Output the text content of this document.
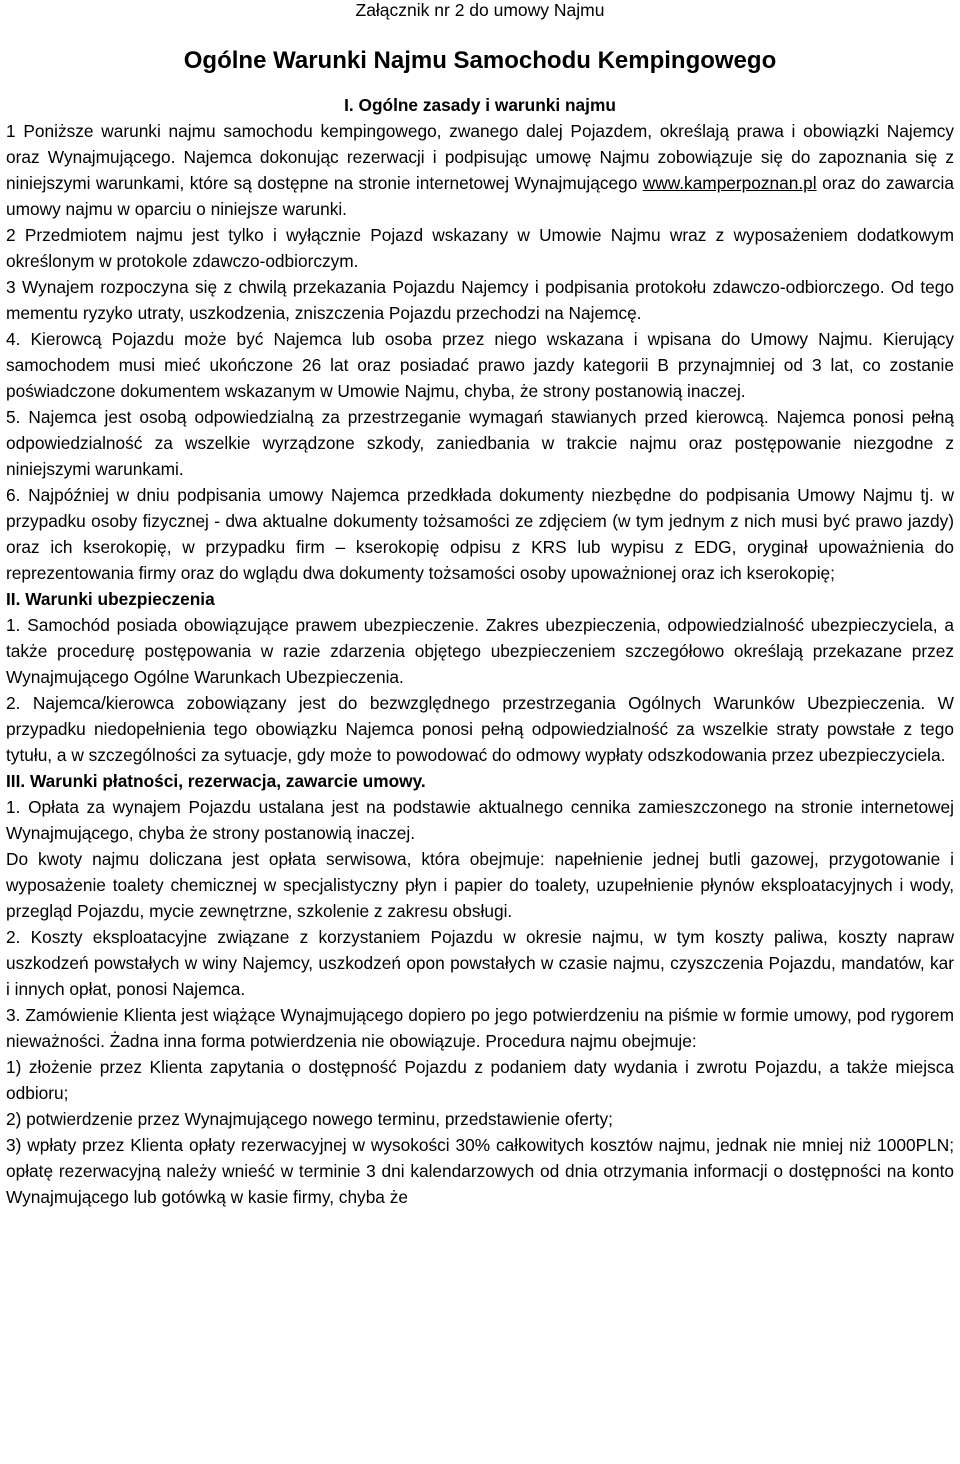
Załącznik nr 2 do umowy Najmu

Ogólne Warunki Najmu Samochodu Kempingowego

I. Ogólne zasady i warunki najmu

1 Poniższe warunki najmu samochodu kempingowego, zwanego dalej Pojazdem, określają prawa i obowiązki Najemcy oraz Wynajmującego. Najemca dokonując rezerwacji i podpisując umowę Najmu zobowiązuje się do zapoznania się z niniejszymi warunkami, które są dostępne na stronie internetowej Wynajmującego www.kamperpoznan.pl oraz do zawarcia umowy najmu w oparciu o niniejsze warunki.

2 Przedmiotem najmu jest tylko i wyłącznie Pojazd wskazany w Umowie Najmu wraz z wyposażeniem dodatkowym określonym w protokole zdawczo-odbiorczym.

3 Wynajem rozpoczyna się z chwilą przekazania Pojazdu Najemcy i podpisania protokołu zdawczo-odbiorczego. Od tego mementu ryzyko utraty, uszkodzenia, zniszczenia Pojazdu przechodzi na Najemcę.

4. Kierowcą Pojazdu może być Najemca lub osoba przez niego wskazana i wpisana do Umowy Najmu. Kierujący samochodem musi mieć ukończone 26 lat oraz posiadać prawo jazdy kategorii B przynajmniej od 3 lat, co zostanie poświadczone dokumentem wskazanym w Umowie Najmu, chyba, że strony postanowią inaczej.

5. Najemca jest osobą odpowiedzialną za przestrzeganie wymagań stawianych przed kierowcą. Najemca ponosi pełną odpowiedzialność za wszelkie wyrządzone szkody, zaniedbania w trakcie najmu oraz postępowanie niezgodne z niniejszymi warunkami.

6. Najpóźniej w dniu podpisania umowy Najemca przedkłada dokumenty niezbędne do podpisania Umowy Najmu tj. w przypadku osoby fizycznej - dwa aktualne dokumenty tożsamości ze zdjęciem (w tym jednym z nich musi być prawo jazdy) oraz ich kserokopię, w przypadku firm – kserokopię odpisu z KRS lub wypisu z EDG, oryginał upoważnienia do reprezentowania firmy oraz do wglądu dwa dokumenty tożsamości osoby upoważnionej oraz ich kserokopię;

II. Warunki ubezpieczenia

1. Samochód posiada obowiązujące prawem ubezpieczenie. Zakres ubezpieczenia, odpowiedzialność ubezpieczyciela, a także procedurę postępowania w razie zdarzenia objętego ubezpieczeniem szczegółowo określają przekazane przez Wynajmującego Ogólne Warunkach Ubezpieczenia.

2. Najemca/kierowca zobowiązany jest do bezwzględnego przestrzegania Ogólnych Warunków Ubezpieczenia. W przypadku niedopełnienia tego obowiązku Najemca ponosi pełną odpowiedzialność za wszelkie straty powstałe z tego tytułu, a w szczególności za sytuacje, gdy może to powodować do odmowy wypłaty odszkodowania przez ubezpieczyciela.

III. Warunki płatności, rezerwacja, zawarcie umowy.

1. Opłata za wynajem Pojazdu ustalana jest na podstawie aktualnego cennika zamieszczonego na stronie internetowej Wynajmującego, chyba że strony postanowią inaczej.

Do kwoty najmu doliczana jest opłata serwisowa, która obejmuje: napełnienie jednej butli gazowej, przygotowanie i wyposażenie toalety chemicznej w specjalistyczny płyn i papier do toalety, uzupełnienie płynów eksploatacyjnych i wody, przegląd Pojazdu, mycie zewnętrzne, szkolenie z zakresu obsługi.

2. Koszty eksploatacyjne związane z korzystaniem Pojazdu w okresie najmu, w tym koszty paliwa, koszty napraw uszkodzeń powstałych w winy Najemcy, uszkodzeń opon powstałych w czasie najmu, czyszczenia Pojazdu, mandatów, kar i innych opłat, ponosi Najemca.

3. Zamówienie Klienta jest wiążące Wynajmującego dopiero po jego potwierdzeniu na piśmie w formie umowy, pod rygorem nieważności. Żadna inna forma potwierdzenia nie obowiązuje. Procedura najmu obejmuje:

1) złożenie przez Klienta zapytania o dostępność Pojazdu z podaniem daty wydania i zwrotu Pojazdu, a także miejsca odbioru;

2) potwierdzenie przez Wynajmującego nowego terminu, przedstawienie oferty;

3) wpłaty przez Klienta opłaty rezerwacyjnej w wysokości 30% całkowitych kosztów najmu, jednak nie mniej niż 1000PLN; opłatę rezerwacyjną należy wnieść w terminie 3 dni kalendarzowych od dnia otrzymania informacji o dostępności na konto Wynajmującego lub gotówką w kasie firmy, chyba że
